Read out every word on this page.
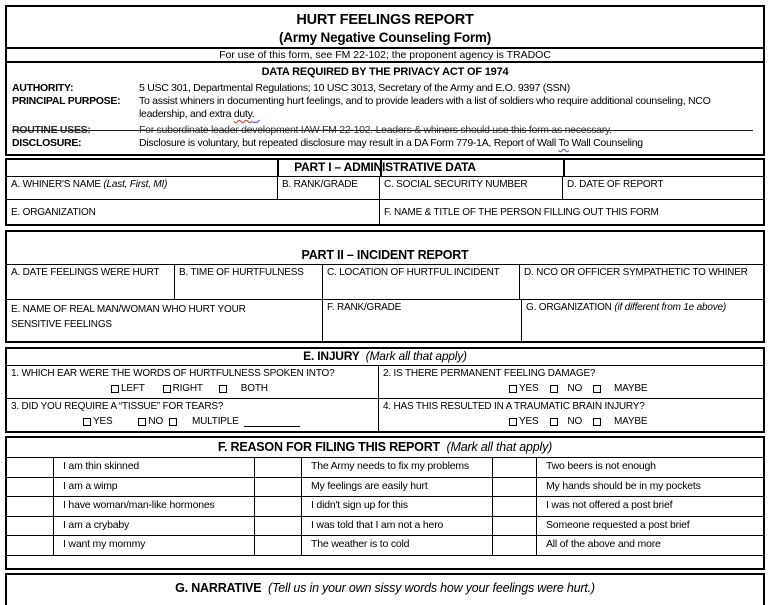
HURT FEELINGS REPORT
(Army Negative Counseling Form)
For use of this form, see FM 22-102; the proponent agency is TRADOC
DATA REQUIRED BY THE PRIVACY ACT OF 1974
AUTHORITY:	5 USC 301, Departmental Regulations; 10 USC 3013, Secretary of the Army and E.O. 9397 (SSN)
PRINCIPAL PURPOSE:	To assist whiners in documenting hurt feelings, and to provide leaders with a list of soldiers who require additional counseling, NCO leadership, and extra duty.
ROUTINE USES:	For subordinate leader development IAW FM 22-102. Leaders & whiners should use this form as necessary.
DISCLOSURE:	Disclosure is voluntary, but repeated disclosure may result in a DA Form 779-1A, Report of Wall To Wall Counseling
PART I – ADMINISTRATIVE DATA
A. WHINER'S NAME (Last, First, MI)	B. RANK/GRADE	C. SOCIAL SECURITY NUMBER	D. DATE OF REPORT
E. ORGANIZATION	F. NAME & TITLE OF THE PERSON FILLING OUT THIS FORM
PART II – INCIDENT REPORT
A. DATE FEELINGS WERE HURT	B. TIME OF HURTFULNESS	C. LOCATION OF HURTFUL INCIDENT	D. NCO OR OFFICER SYMPATHETIC TO WHINER
E. NAME OF REAL MAN/WOMAN WHO HURT YOUR SENSITIVE FEELINGS
F. RANK/GRADE	G. ORGANIZATION (if different from 1e above)
E. INJURY (Mark all that apply)
1. WHICH EAR WERE THE WORDS OF HURTFULNESS SPOKEN INTO?
LEFT	RIGHT	BOTH
2. IS THERE PERMANENT FEELING DAMAGE?
YES	NO	MAYBE
3. DID YOU REQUIRE A “TISSUE” FOR TEARS?
YES	NO	MULTIPLE
4. HAS THIS RESULTED IN A TRAUMATIC BRAIN INJURY?
YES	NO	MAYBE
F. REASON FOR FILING THIS REPORT (Mark all that apply)
I am thin skinned	The Army needs to fix my problems	Two beers is not enough
I am a wimp	My feelings are easily hurt	My hands should be in my pockets
I have woman/man-like hormones	I didn't sign up for this	I was not offered a post brief
I am a crybaby	I was told that I am not a hero	Someone requested a post brief
I want my mommy	The weather is to cold	All of the above and more
G. NARRATIVE (Tell us in your own sissy words how your feelings were hurt.)
